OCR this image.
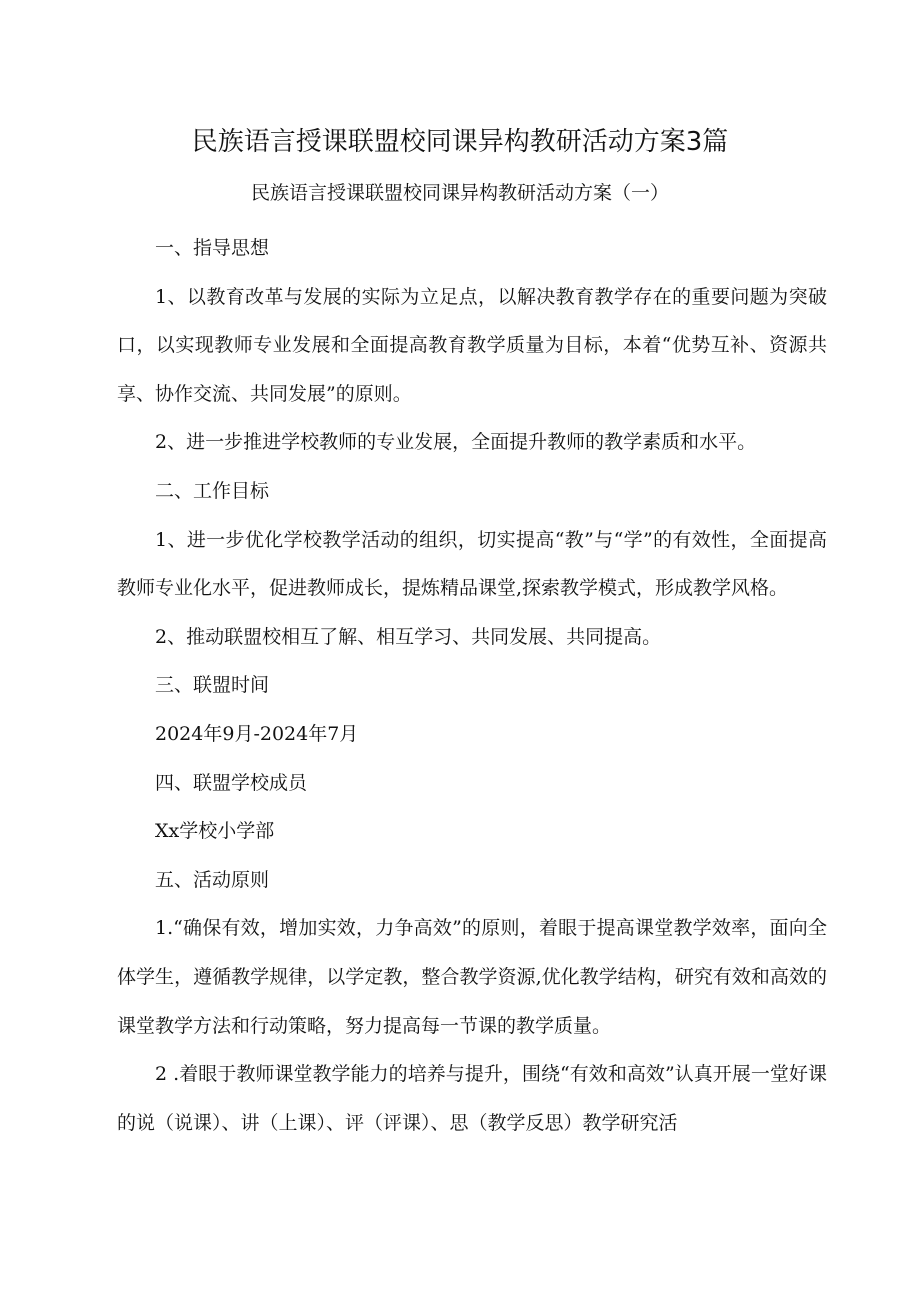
民族语言授课联盟校同课异构教研活动方案3篇
民族语言授课联盟校同课异构教研活动方案（一）

一、指导思想

1、以教育改革与发展的实际为立足点，以解决教育教学存在的重要问题为突破口，以实现教师专业发展和全面提高教育教学质量为目标，本着“优势互补、资源共享、协作交流、共同发展”的原则。

2、进一步推进学校教师的专业发展，全面提升教师的教学素质和水平。

二、工作目标

1、进一步优化学校教学活动的组织，切实提高“教”与“学”的有效性，全面提高教师专业化水平，促进教师成长，提炼精品课堂,探索教学模式，形成教学风格。

2、推动联盟校相互了解、相互学习、共同发展、共同提高。

三、联盟时间

2024年9月-2024年7月

四、联盟学校成员

Xx学校小学部

五、活动原则

1.“确保有效，增加实效，力争高效”的原则，着眼于提高课堂教学效率，面向全体学生，遵循教学规律，以学定教，整合教学资源,优化教学结构，研究有效和高效的课堂教学方法和行动策略，努力提高每一节课的教学质量。

2 .着眼于教师课堂教学能力的培养与提升，围绕“有效和高效”认真开展一堂好课的说（说课）、讲（上课）、评（评课）、思（教学反思）教学研究活
